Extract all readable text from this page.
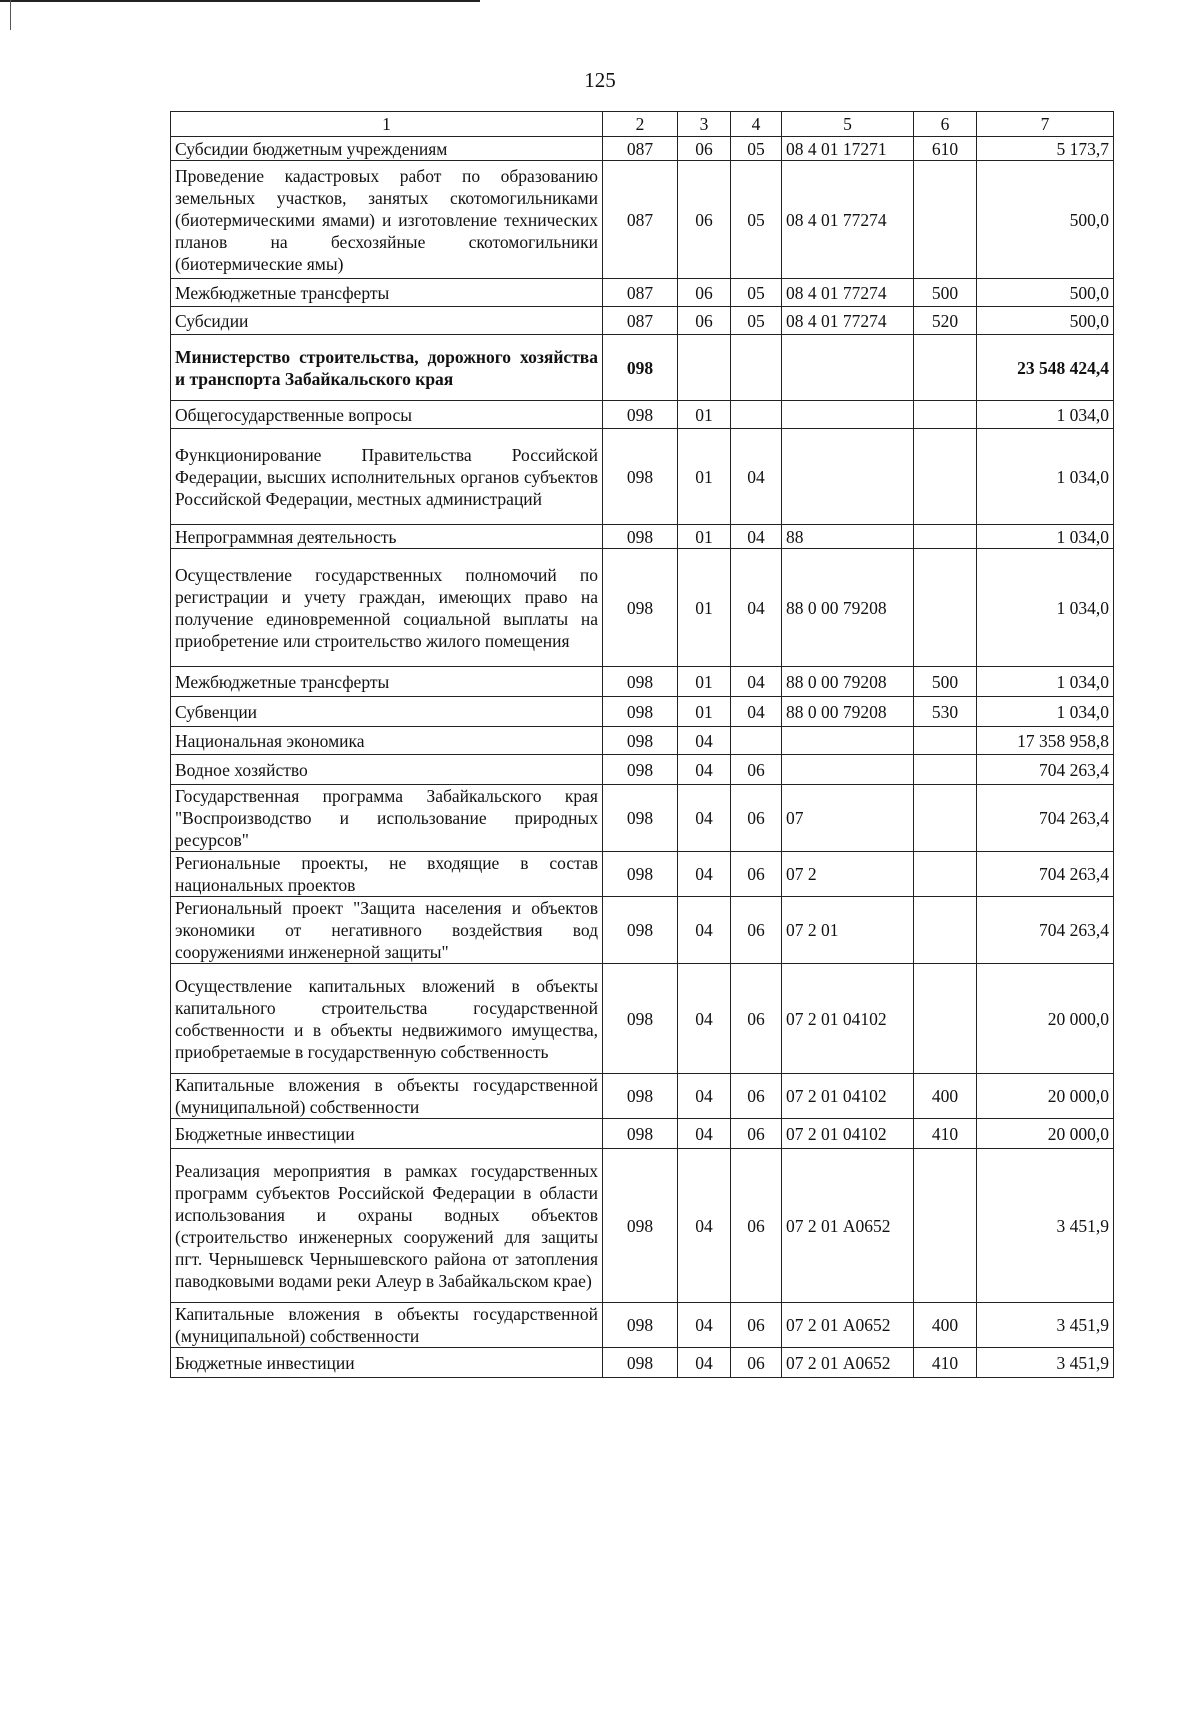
125
1	2	3	4	5	6	7
Субсидии бюджетным учреждениям	087	06	05	08 4 01 17271	610	5 173,7
Проведение кадастровых работ по образованию земельных участков, занятых скотомогильниками (биотермическими ямами) и изготовление технических планов на бесхозяйные скотомогильники (биотермические ямы)	087	06	05	08 4 01 77274		500,0
Межбюджетные трансферты	087	06	05	08 4 01 77274	500	500,0
Субсидии	087	06	05	08 4 01 77274	520	500,0
Министерство строительства, дорожного хозяйства и транспорта Забайкальского края	098					23 548 424,4
Общегосударственные вопросы	098	01				1 034,0
Функционирование Правительства Российской Федерации, высших исполнительных органов субъектов Российской Федерации, местных администраций	098	01	04			1 034,0
Непрограммная деятельность	098	01	04	88		1 034,0
Осуществление государственных полномочий по регистрации и учету граждан, имеющих право на получение единовременной социальной выплаты на приобретение или строительство жилого помещения	098	01	04	88 0 00 79208		1 034,0
Межбюджетные трансферты	098	01	04	88 0 00 79208	500	1 034,0
Субвенции	098	01	04	88 0 00 79208	530	1 034,0
Национальная экономика	098	04				17 358 958,8
Водное хозяйство	098	04	06			704 263,4
Государственная программа Забайкальского края "Воспроизводство и использование природных ресурсов"	098	04	06	07		704 263,4
Региональные проекты, не входящие в состав национальных проектов	098	04	06	07 2		704 263,4
Региональный проект "Защита населения и объектов экономики от негативного воздействия вод сооружениями инженерной защиты"	098	04	06	07 2 01		704 263,4
Осуществление капитальных вложений в объекты капитального строительства государственной собственности и в объекты недвижимого имущества, приобретаемые в государственную собственность	098	04	06	07 2 01 04102		20 000,0
Капитальные вложения в объекты государственной (муниципальной) собственности	098	04	06	07 2 01 04102	400	20 000,0
Бюджетные инвестиции	098	04	06	07 2 01 04102	410	20 000,0
Реализация мероприятия в рамках государственных программ субъектов Российской Федерации в области использования и охраны водных объектов (строительство инженерных сооружений для защиты пгт. Чернышевск Чернышевского района от затопления паводковыми водами реки Алеур в Забайкальском крае)	098	04	06	07 2 01 А0652		3 451,9
Капитальные вложения в объекты государственной (муниципальной) собственности	098	04	06	07 2 01 А0652	400	3 451,9
Бюджетные инвестиции	098	04	06	07 2 01 А0652	410	3 451,9
